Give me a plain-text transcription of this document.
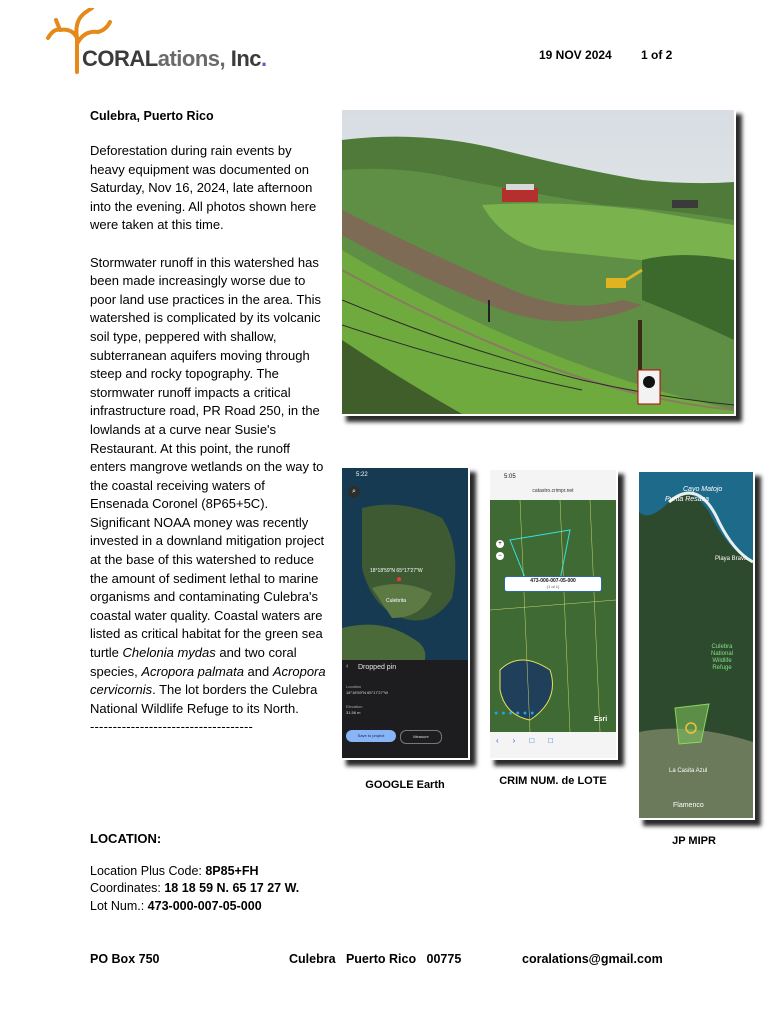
CORALations, Inc.	19 NOV 2024 1 of 2
Culebra, Puerto Rico

Deforestation during rain events by heavy equipment was documented on Saturday, Nov 16, 2024, late afternoon into the evening. All photos shown here were taken at this time.

Stormwater runoff in this watershed has been made increasingly worse due to poor land use practices in the area. This watershed is complicated by its volcanic soil type, peppered with shallow, subterranean aquifers moving through steep and rocky topography. The stormwater runoff impacts a critical infrastructure road, PR Road 250, in the lowlands at a curve near Susie's Restaurant. At this point, the runoff enters mangrove wetlands on the way to the coastal receiving waters of Ensenada Coronel (8P65+5C). Significant NOAA money was recently invested in a downland mitigation project at the base of this watershed to reduce the amount of sediment lethal to marine organisms and contaminating Culebra's coastal water quality. Coastal waters are listed as critical habitat for the green sea turtle Chelonia mydas and two coral species, Acropora palmata and Acropora cervicornis. The lot borders the Culebra National Wildlife Refuge to its North.

------------------------------------
LOCATION:
Location Plus Code: 8P85+FH
Coordinates: 18 18 59 N. 65 17 27 W.
Lot Num.: 473-000-007-05-000
5:22
⌕
18°18'59"N 65°17'27"W
●
Culebrita
Dropped pin
‹
Location
18°18'59"N 65°17'27"W
Elevation
31.56 m
Save to project	Measure
GOOGLE Earth
5:05
catastro.crimpr.net
473-000-007-05-000
(1 of 1)
+
−
Esri
●●●●●●
‹›□□
CRIM NUM. de LOTE
Cayo Matojo
Punta Resaca
Playa Brava
Culebra National Wildlife Refuge
La Casita Azul
Flamenco
JP MIPR
PO Box 750	Culebra   Puerto Rico   00775	coralations@gmail.com
